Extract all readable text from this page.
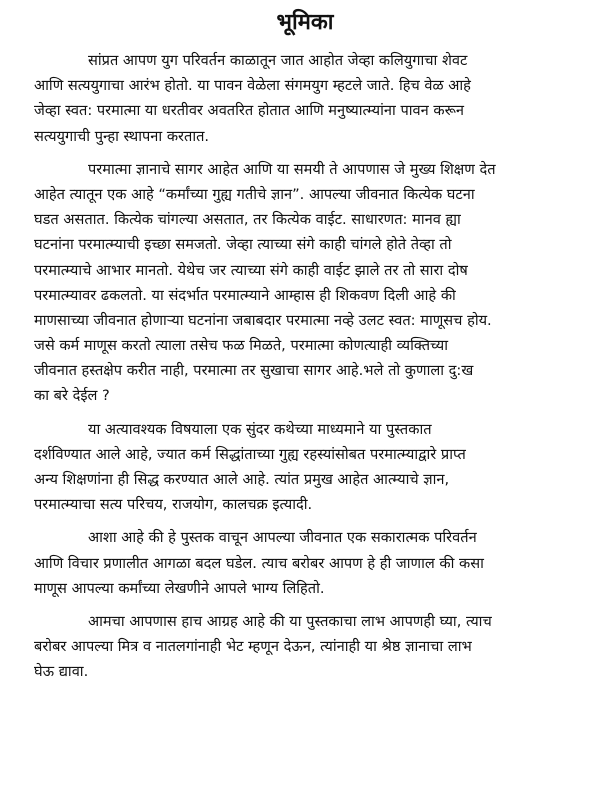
भूमिका
सांप्रत आपण युग परिवर्तन काळातून जात आहोत जेव्हा कलियुगाचा शेवट
आणि सत्ययुगाचा आरंभ होतो. या पावन वेळेला संगमयुग म्हटले जाते. हिच वेळ आहे
जेव्हा स्वत: परमात्मा या धरतीवर अवतरित होतात आणि मनुष्यात्म्यांना पावन करून
सत्ययुगाची पुन्हा स्थापना करतात.
परमात्मा ज्ञानाचे सागर आहेत आणि या समयी ते आपणास जे मुख्य शिक्षण देत
आहेत त्यातून एक आहे “कर्मांच्या गुह्य गतीचे ज्ञान”. आपल्या जीवनात कित्येक घटना
घडत असतात. कित्येक चांगल्या असतात, तर कित्येक वाईट. साधारणत: मानव ह्या
घटनांना परमात्म्याची इच्छा समजतो. जेव्हा त्याच्या संगे काही चांगले होते तेव्हा तो
परमात्म्याचे आभार मानतो. येथेच जर त्याच्या संगे काही वाईट झाले तर तो सारा दोष
परमात्म्यावर ढकलतो. या संदर्भात परमात्म्याने आम्हास ही शिकवण दिली आहे की
माणसाच्या जीवनात होणाऱ्या घटनांना जबाबदार परमात्मा नव्हे उलट स्वत: माणूसच होय.
जसे कर्म माणूस करतो त्याला तसेच फळ मिळते, परमात्मा कोणत्याही व्यक्तिच्या
जीवनात हस्तक्षेप करीत नाही, परमात्मा तर सुखाचा सागर आहे.भले तो कुणाला दु:ख
का बरे देईल ?
या अत्यावश्यक विषयाला एक सुंदर कथेच्या माध्यमाने या पुस्तकात
दर्शविण्यात आले आहे, ज्यात कर्म सिद्धांताच्या गुह्य रहस्यांसोबत परमात्म्याद्वारे प्राप्त
अन्य शिक्षणांना ही सिद्ध करण्यात आले आहे. त्यांत प्रमुख आहेत आत्म्याचे ज्ञान,
परमात्म्याचा सत्य परिचय, राजयोग, कालचक्र इत्यादी.
आशा आहे की हे पुस्तक वाचून आपल्या जीवनात एक सकारात्मक परिवर्तन
आणि विचार प्रणालीत आगळा बदल घडेल. त्याच बरोबर आपण हे ही जाणाल की कसा
माणूस आपल्या कर्मांच्या लेखणीने आपले भाग्य लिहितो.
आमचा आपणास हाच आग्रह आहे की या पुस्तकाचा लाभ आपणही घ्या, त्याच
बरोबर आपल्या मित्र व नातलगांनाही भेट म्हणून देऊन, त्यांनाही या श्रेष्ठ ज्ञानाचा लाभ
घेऊ द्यावा.
